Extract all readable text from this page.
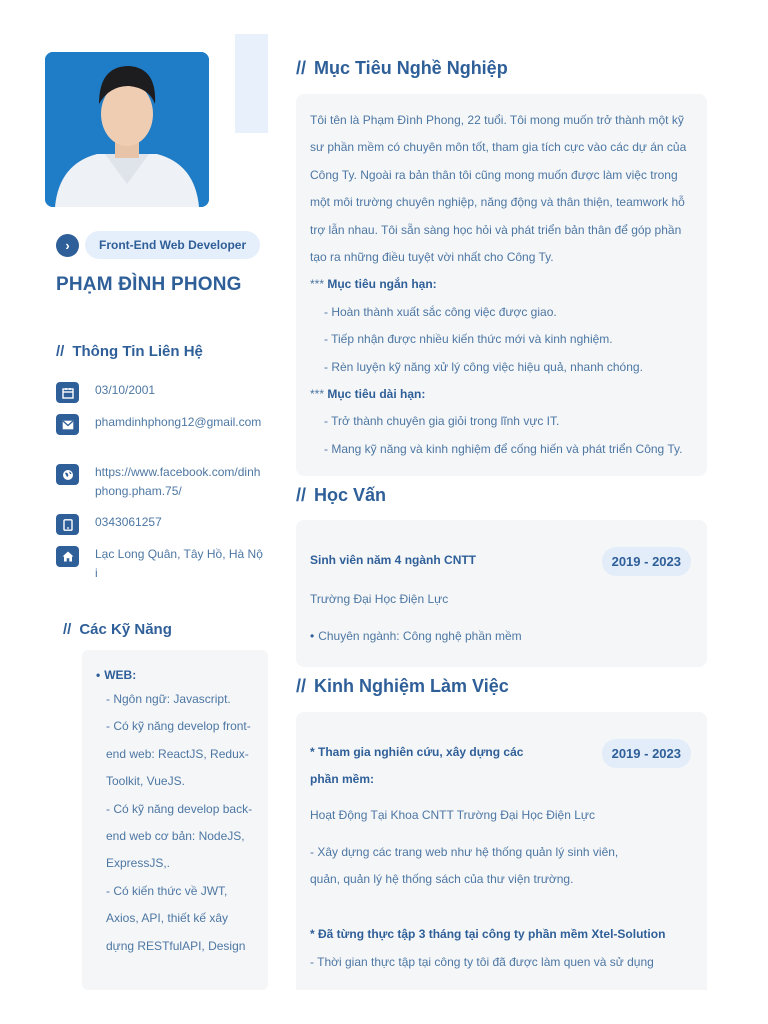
›	Front-End Web Developer
PHẠM ĐÌNH PHONG
// Thông Tin Liên Hệ
03/10/2001
phamdinhphong12@gmail.com
https://www.facebook.com/dinhphong.pham.75/
0343061257
Lạc Long Quân, Tây Hồ, Hà Nội
// Các Kỹ Năng
• WEB:
- Ngôn ngữ: Javascript.
- Có kỹ năng develop front-
end web: ReactJS, Redux-
Toolkit, VueJS.
- Có kỹ năng develop back-
end web cơ bản: NodeJS,
ExpressJS,.
- Có kiến thức về JWT,
Axios, API, thiết kế xây
dựng RESTfulAPI, Design
// Mục Tiêu Nghề Nghiệp
Tôi tên là Phạm Đình Phong, 22 tuổi. Tôi mong muốn trở thành một kỹ
sư phần mềm có chuyên môn tốt, tham gia tích cực vào các dự án của
Công Ty. Ngoài ra bản thân tôi cũng mong muốn được làm việc trong
một môi trường chuyên nghiệp, năng động và thân thiện, teamwork hỗ
trợ lẫn nhau. Tôi sẵn sàng học hỏi và phát triển bản thân để góp phần
tạo ra những điều tuyệt vời nhất cho Công Ty.
*** Mục tiêu ngắn hạn:
- Hoàn thành xuất sắc công việc được giao.
- Tiếp nhận được nhiều kiến thức mới và kinh nghiệm.
- Rèn luyện kỹ năng xử lý công việc hiệu quả, nhanh chóng.
*** Mục tiêu dài hạn:
- Trở thành chuyên gia giỏi trong lĩnh vực IT.
- Mang kỹ năng và kinh nghiệm để cống hiến và phát triển Công Ty.
// Học Vấn
Sinh viên năm 4 ngành CNTT	2019 - 2023
Trường Đại Học Điện Lực
• Chuyên ngành: Công nghệ phần mềm
// Kinh Nghiệm Làm Việc
* Tham gia nghiên cứu, xây dựng các
phần mềm:
2019 - 2023
Hoạt Động Tại Khoa CNTT Trường Đại Học Điện Lực
- Xây dựng các trang web như hệ thống quản lý sinh viên,
quản, quản lý hệ thống sách của thư viện trường.
* Đã từng thực tập 3 tháng tại công ty phần mềm Xtel-Solution
- Thời gian thực tập tại công ty tôi đã được làm quen và sử dụng
